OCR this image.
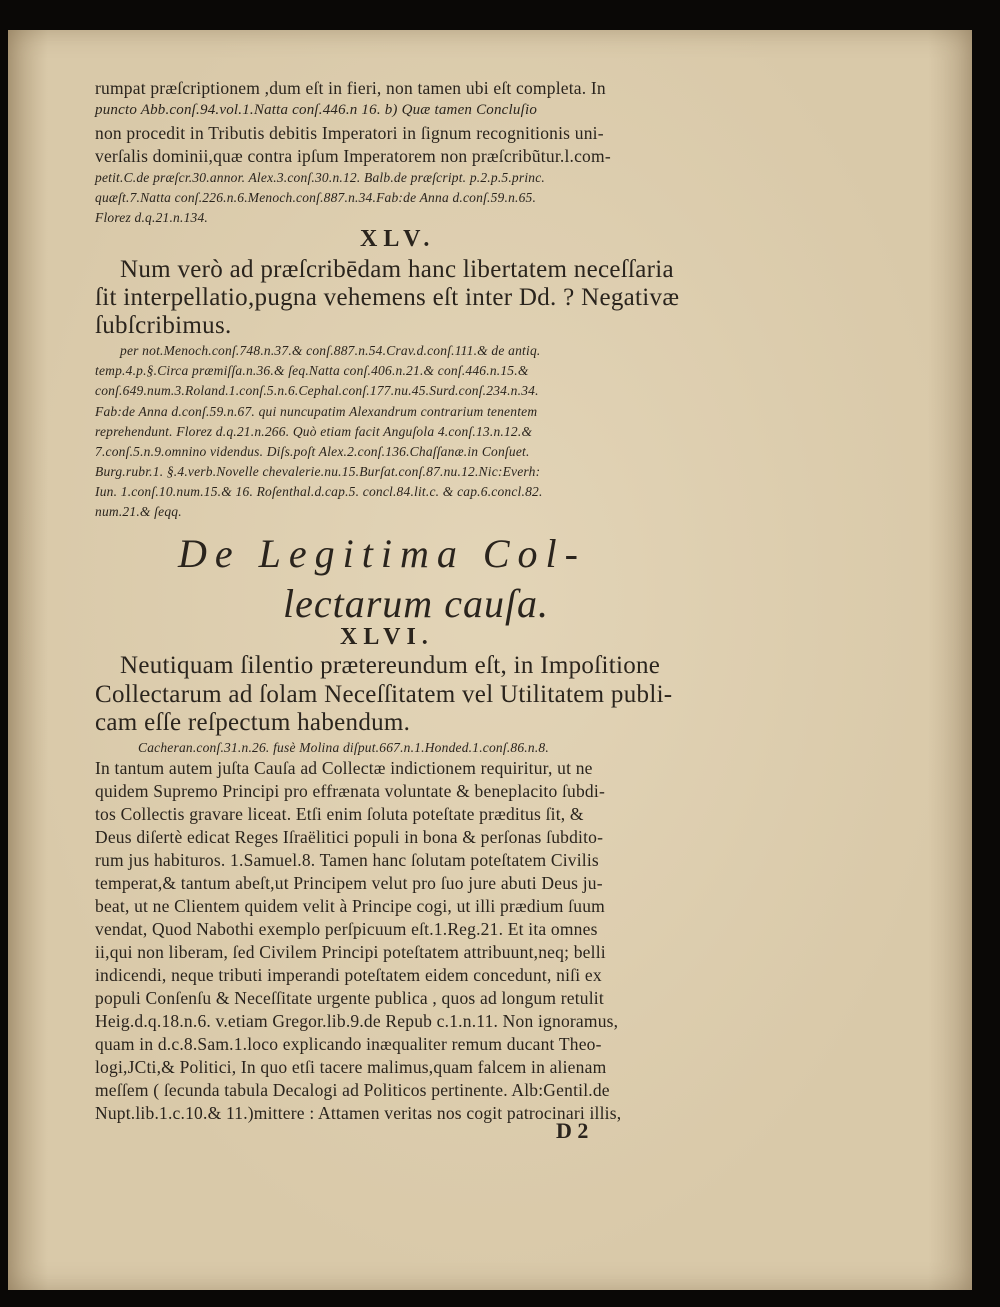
rumpat præſcriptionem ,dum eſt in fieri, non tamen ubi eſt completa. In
puncto Abb.conſ.94.vol.1.Natta conſ.446.n 16. b) Quæ tamen Concluſio
non procedit in Tributis debitis Imperatori in ſignum recognitionis uni-
verſalis dominii,quæ contra ipſum Imperatorem non præſcribũtur.l.com-
petit.C.de præſcr.30.annor. Alex.3.conſ.30.n.12. Balb.de præſcript. p.2.p.5.princ.
quæſt.7.Natta conſ.226.n.6.Menoch.conſ.887.n.34.Fab:de Anna d.conſ.59.n.65.
Florez d.q.21.n.134.
XLV.
Num verò ad præſcribēdam hanc libertatem neceſſaria
ſit interpellatio,pugna vehemens eſt inter Dd. ? Negativæ
ſubſcribimus.
per not.Menoch.conſ.748.n.37.& conſ.887.n.54.Crav.d.conſ.111.& de antiq.
temp.4.p.§.Circa præmiſſa.n.36.& ſeq.Natta conſ.406.n.21.& conſ.446.n.15.&
conſ.649.num.3.Roland.1.conſ.5.n.6.Cephal.conſ.177.nu.45.Surd.conſ.234.n.34.
Fab:de Anna d.conſ.59.n.67. qui nuncupatim Alexandrum contrarium tenentem
reprehendunt. Florez d.q.21.n.266. Quò etiam facit Anguſola 4.conſ.13.n.12.&
7.conſ.5.n.9.omnino videndus. Diſs.poſt Alex.2.conſ.136.Chaſſanæ.in Conſuet.
Burg.rubr.1. §.4.verb.Novelle chevalerie.nu.15.Burſat.conſ.87.nu.12.Nic:Everh:
Iun. 1.conſ.10.num.15.& 16. Roſenthal.d.cap.5. concl.84.lit.c. & cap.6.concl.82.
num.21.& ſeqq.
De Legitima Col-
lectarum cauſa.
XLVI.
Neutiquam ſilentio prætereundum eſt, in Impoſitione
Collectarum ad ſolam Neceſſitatem vel Utilitatem publi-
cam eſſe reſpectum habendum.
Cacheran.conſ.31.n.26. fusè Molina diſput.667.n.1.Honded.1.conſ.86.n.8.
In tantum autem juſta Cauſa ad Collectæ indictionem requiritur, ut ne
quidem Supremo Principi pro effrænata voluntate & beneplacito ſubdi-
tos Collectis gravare liceat. Etſi enim ſoluta poteſtate præditus ſit, &
Deus diſertè edicat Reges Iſraëlitici populi in bona & perſonas ſubdito-
rum jus habituros. 1.Samuel.8. Tamen hanc ſolutam poteſtatem Civilis
temperat,& tantum abeſt,ut Principem velut pro ſuo jure abuti Deus ju-
beat, ut ne Clientem quidem velit à Principe cogi, ut illi prædium ſuum
vendat, Quod Nabothi exemplo perſpicuum eſt.1.Reg.21. Et ita omnes
ii,qui non liberam, ſed Civilem Principi poteſtatem attribuunt,neq; belli
indicendi, neque tributi imperandi poteſtatem eidem concedunt, niſi ex
populi Conſenſu & Neceſſitate urgente publica , quos ad longum retulit
Heig.d.q.18.n.6. v.etiam Gregor.lib.9.de Repub c.1.n.11. Non ignoramus,
quam in d.c.8.Sam.1.loco explicando inæqualiter remum ducant Theo-
logi,JCti,& Politici, In quo etſi tacere malimus,quam falcem in alienam
meſſem ( ſecunda tabula Decalogi ad Politicos pertinente. Alb:Gentil.de
Nupt.lib.1.c.10.& 11.)mittere : Attamen veritas nos cogit patrocinari illis,
D 2
